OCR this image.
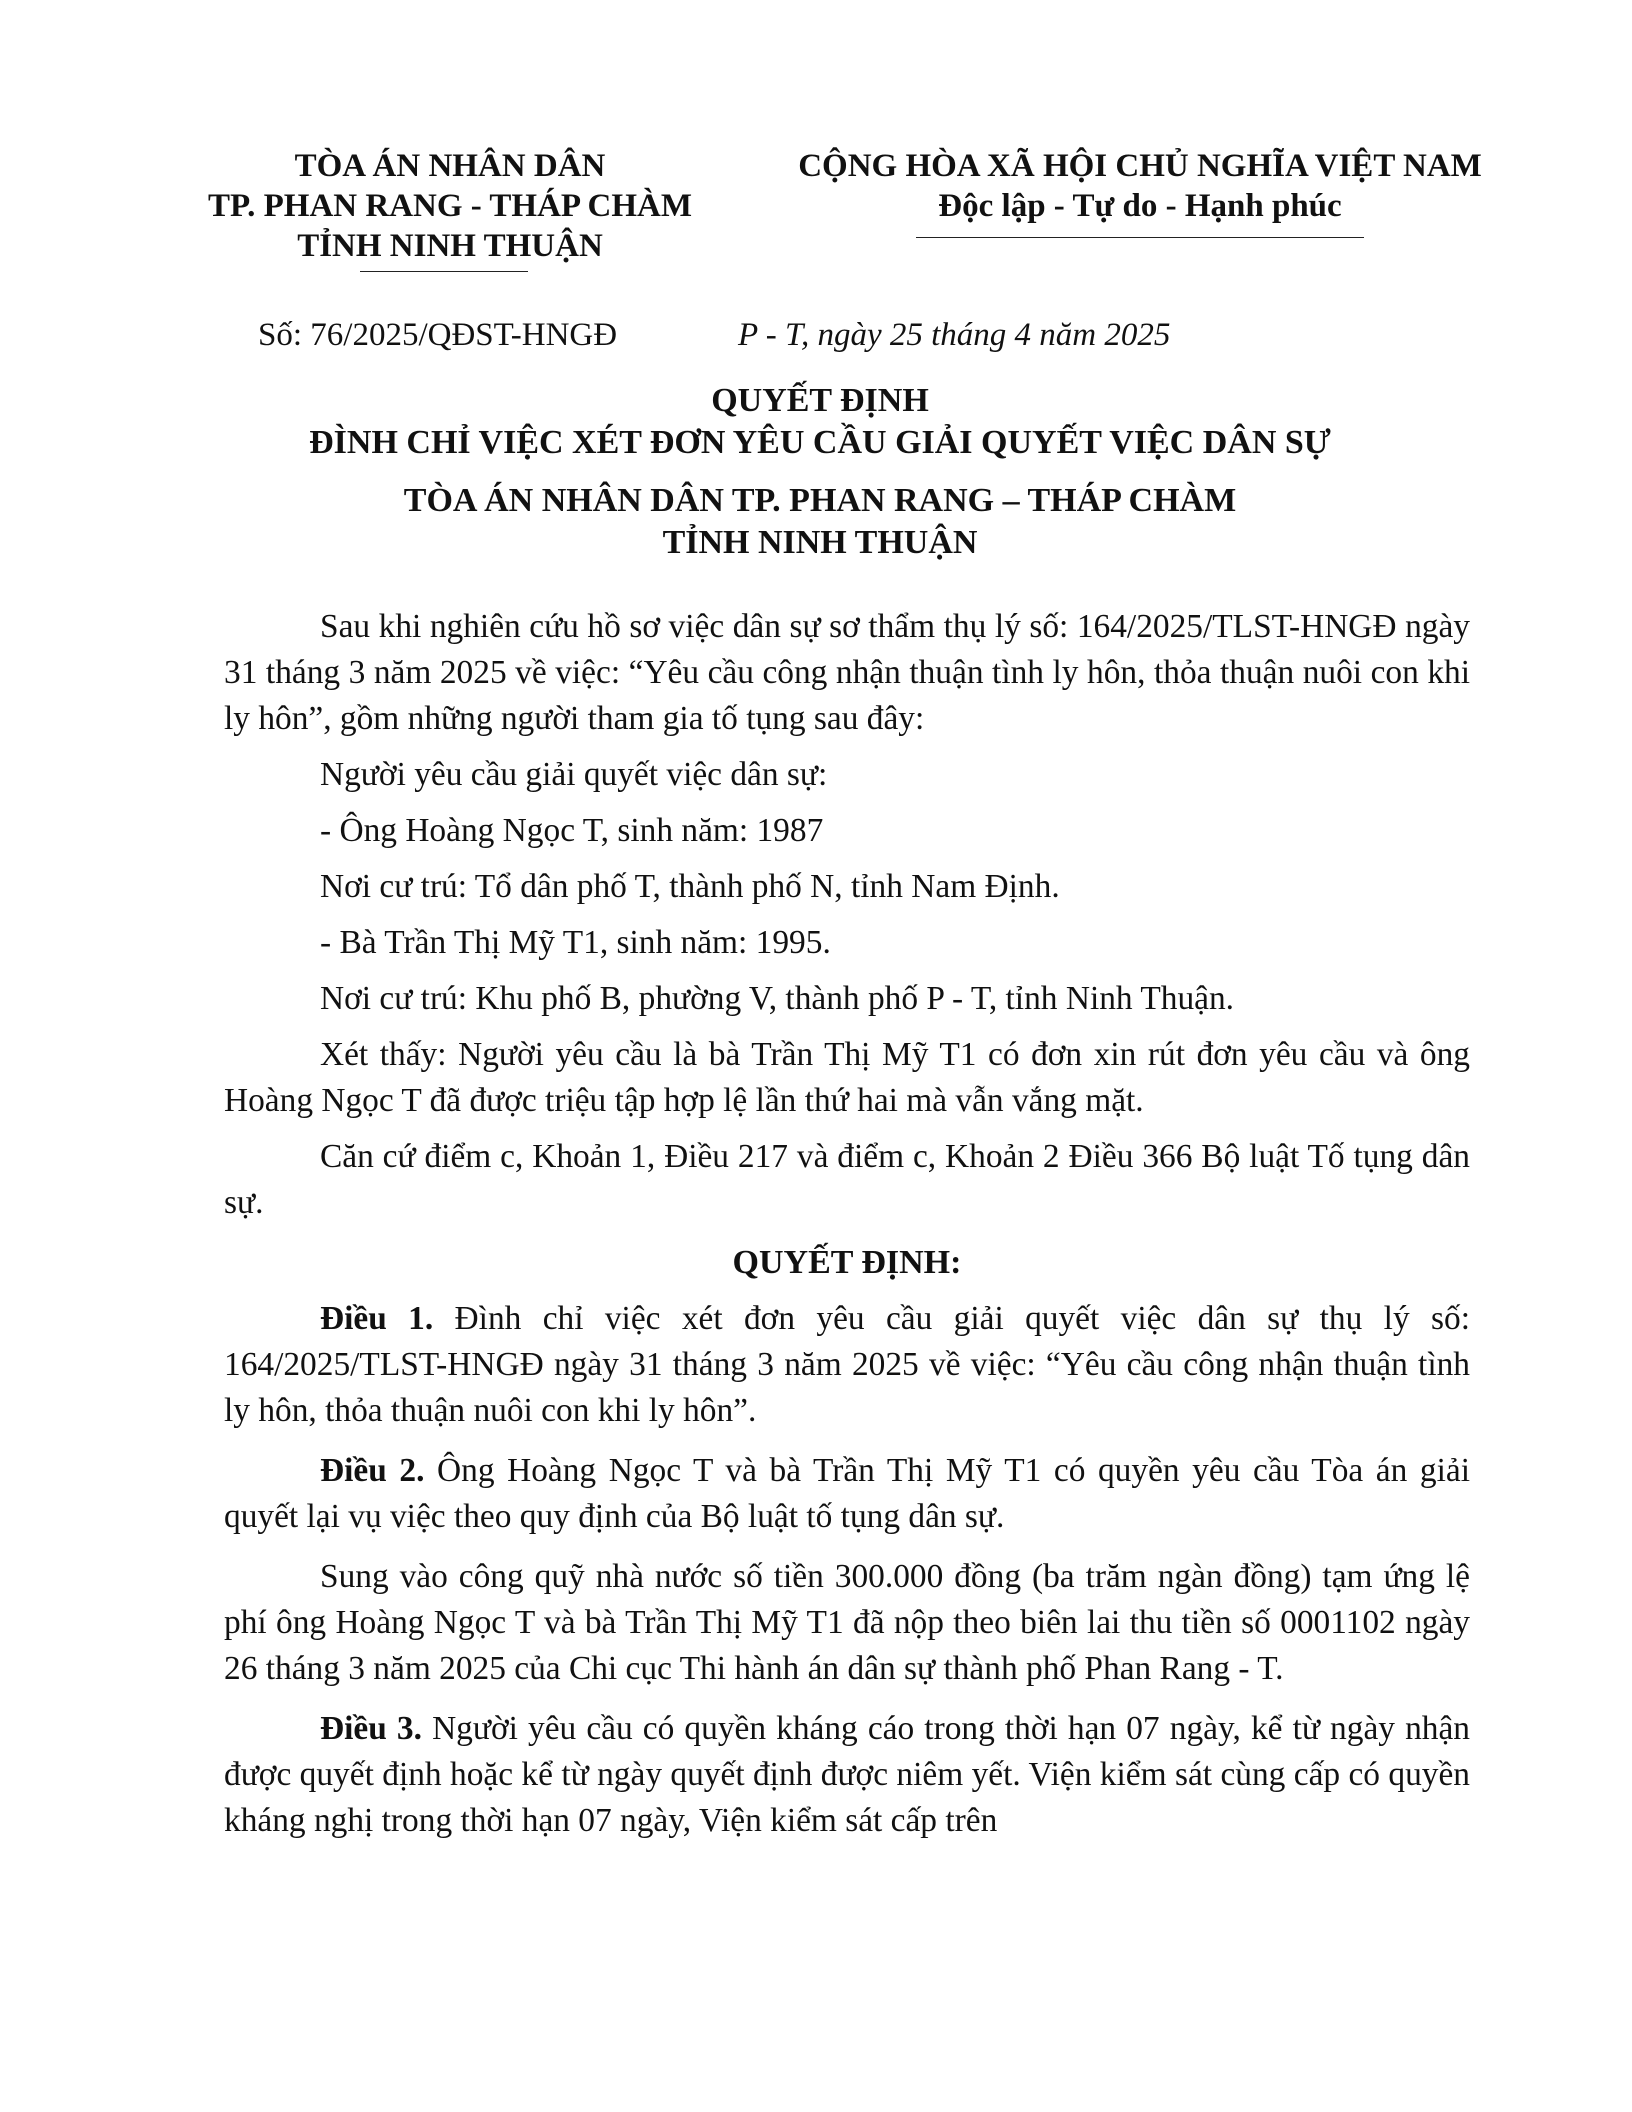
TÒA ÁN NHÂN DÂN
TP. PHAN RANG - THÁP CHÀM
TỈNH NINH THUẬN
CỘNG HÒA XÃ HỘI CHỦ NGHĨA VIỆT NAM
Độc lập - Tự do - Hạnh phúc
Số: 76/2025/QĐST-HNGĐ	P - T, ngày 25 tháng 4 năm 2025
QUYẾT ĐỊNH
ĐÌNH CHỈ VIỆC XÉT ĐƠN YÊU CẦU GIẢI QUYẾT VIỆC DÂN SỰ
TÒA ÁN NHÂN DÂN TP. PHAN RANG – THÁP CHÀM
TỈNH NINH THUẬN

Sau khi nghiên cứu hồ sơ việc dân sự sơ thẩm thụ lý số: 164/2025/TLST-HNGĐ ngày 31 tháng 3 năm 2025 về việc: “Yêu cầu công nhận thuận tình ly hôn, thỏa thuận nuôi con khi ly hôn”, gồm những người tham gia tố tụng sau đây:

Người yêu cầu giải quyết việc dân sự:

- Ông Hoàng Ngọc T, sinh năm: 1987

Nơi cư trú: Tổ dân phố T, thành phố N, tỉnh Nam Định.

- Bà Trần Thị Mỹ T1, sinh năm: 1995.

Nơi cư trú: Khu phố B, phường V, thành phố P - T, tỉnh Ninh Thuận.

Xét thấy: Người yêu cầu là bà Trần Thị Mỹ T1 có đơn xin rút đơn yêu cầu và ông Hoàng Ngọc T đã được triệu tập hợp lệ lần thứ hai mà vẫn vắng mặt.

Căn cứ điểm c, Khoản 1, Điều 217 và điểm c, Khoản 2 Điều 366 Bộ luật Tố tụng dân sự.

QUYẾT ĐỊNH:

Điều 1. Đình chỉ việc xét đơn yêu cầu giải quyết việc dân sự thụ lý số: 164/2025/TLST-HNGĐ ngày 31 tháng 3 năm 2025 về việc: “Yêu cầu công nhận thuận tình ly hôn, thỏa thuận nuôi con khi ly hôn”.

Điều 2. Ông Hoàng Ngọc T và bà Trần Thị Mỹ T1 có quyền yêu cầu Tòa án giải quyết lại vụ việc theo quy định của Bộ luật tố tụng dân sự.

Sung vào công quỹ nhà nước số tiền 300.000 đồng (ba trăm ngàn đồng) tạm ứng lệ phí ông Hoàng Ngọc T và bà Trần Thị Mỹ T1 đã nộp theo biên lai thu tiền số 0001102 ngày 26 tháng 3 năm 2025 của Chi cục Thi hành án dân sự thành phố Phan Rang - T.

Điều 3. Người yêu cầu có quyền kháng cáo trong thời hạn 07 ngày, kể từ ngày nhận được quyết định hoặc kể từ ngày quyết định được niêm yết. Viện kiểm sát cùng cấp có quyền kháng nghị trong thời hạn 07 ngày, Viện kiểm sát cấp trên
